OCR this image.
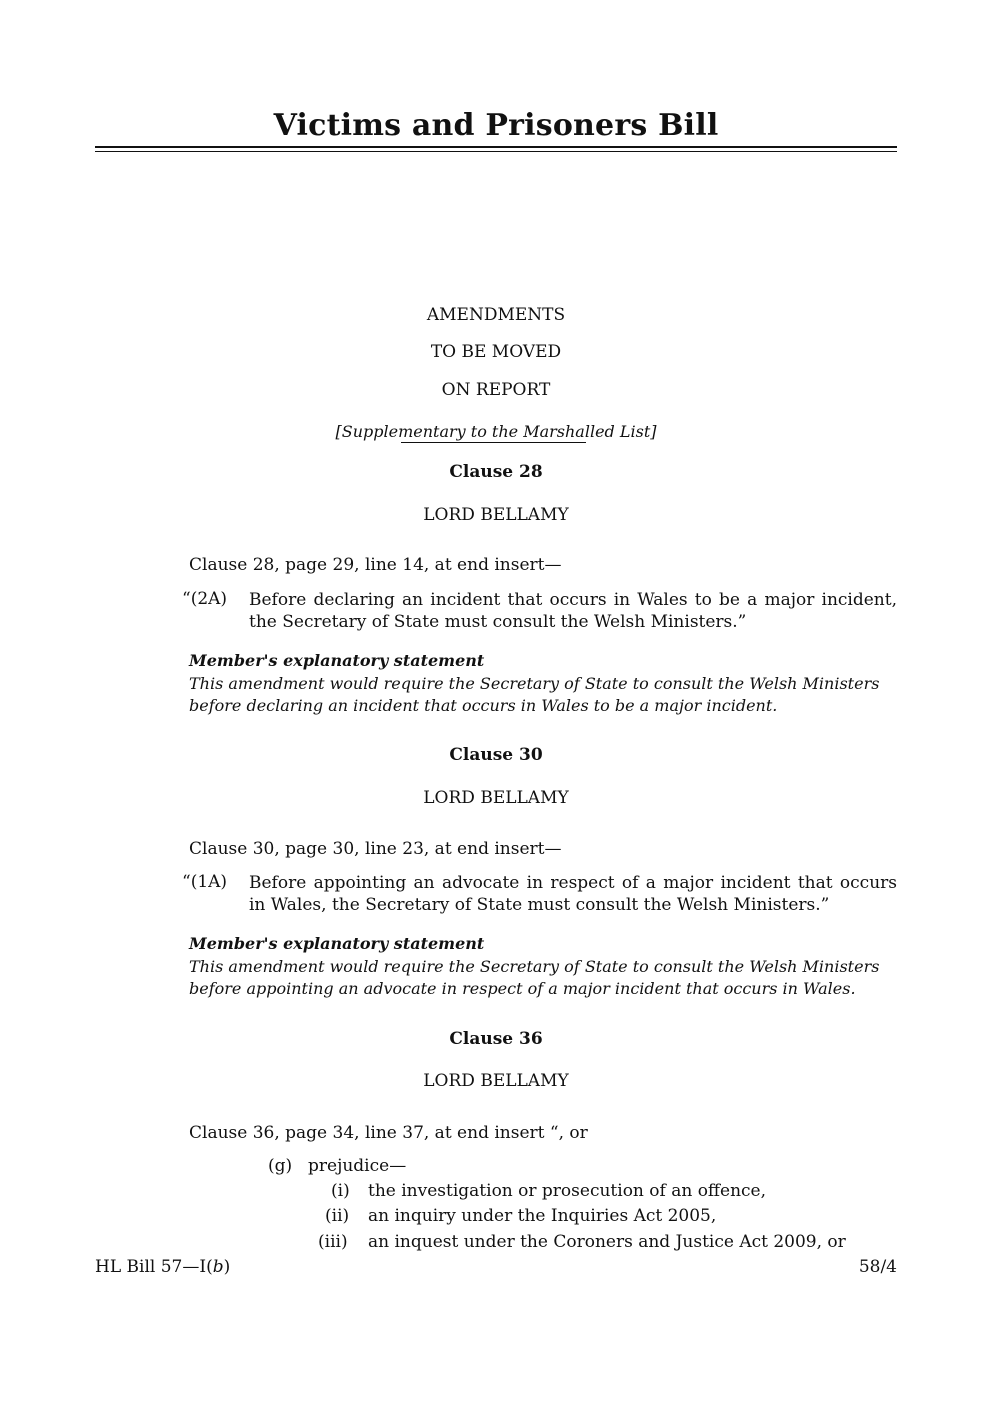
Victims and Prisoners Bill
AMENDMENTS
TO BE MOVED
ON REPORT
[Supplementary to the Marshalled List]
Clause 28
LORD BELLAMY
Clause 28, page 29, line 14, at end insert—
“(2A) Before declaring an incident that occurs in Wales to be a major incident, the Secretary of State must consult the Welsh Ministers.”
Member's explanatory statement
This amendment would require the Secretary of State to consult the Welsh Ministers before declaring an incident that occurs in Wales to be a major incident.
Clause 30
LORD BELLAMY
Clause 30, page 30, line 23, at end insert—
“(1A) Before appointing an advocate in respect of a major incident that occurs in Wales, the Secretary of State must consult the Welsh Ministers.”
Member's explanatory statement
This amendment would require the Secretary of State to consult the Welsh Ministers before appointing an advocate in respect of a major incident that occurs in Wales.
Clause 36
LORD BELLAMY
Clause 36, page 34, line 37, at end insert “, or
(g) prejudice—
(i) the investigation or prosecution of an offence,
(ii) an inquiry under the Inquiries Act 2005,
(iii) an inquest under the Coroners and Justice Act 2009, or
HL Bill 57—I(b)	58/4
